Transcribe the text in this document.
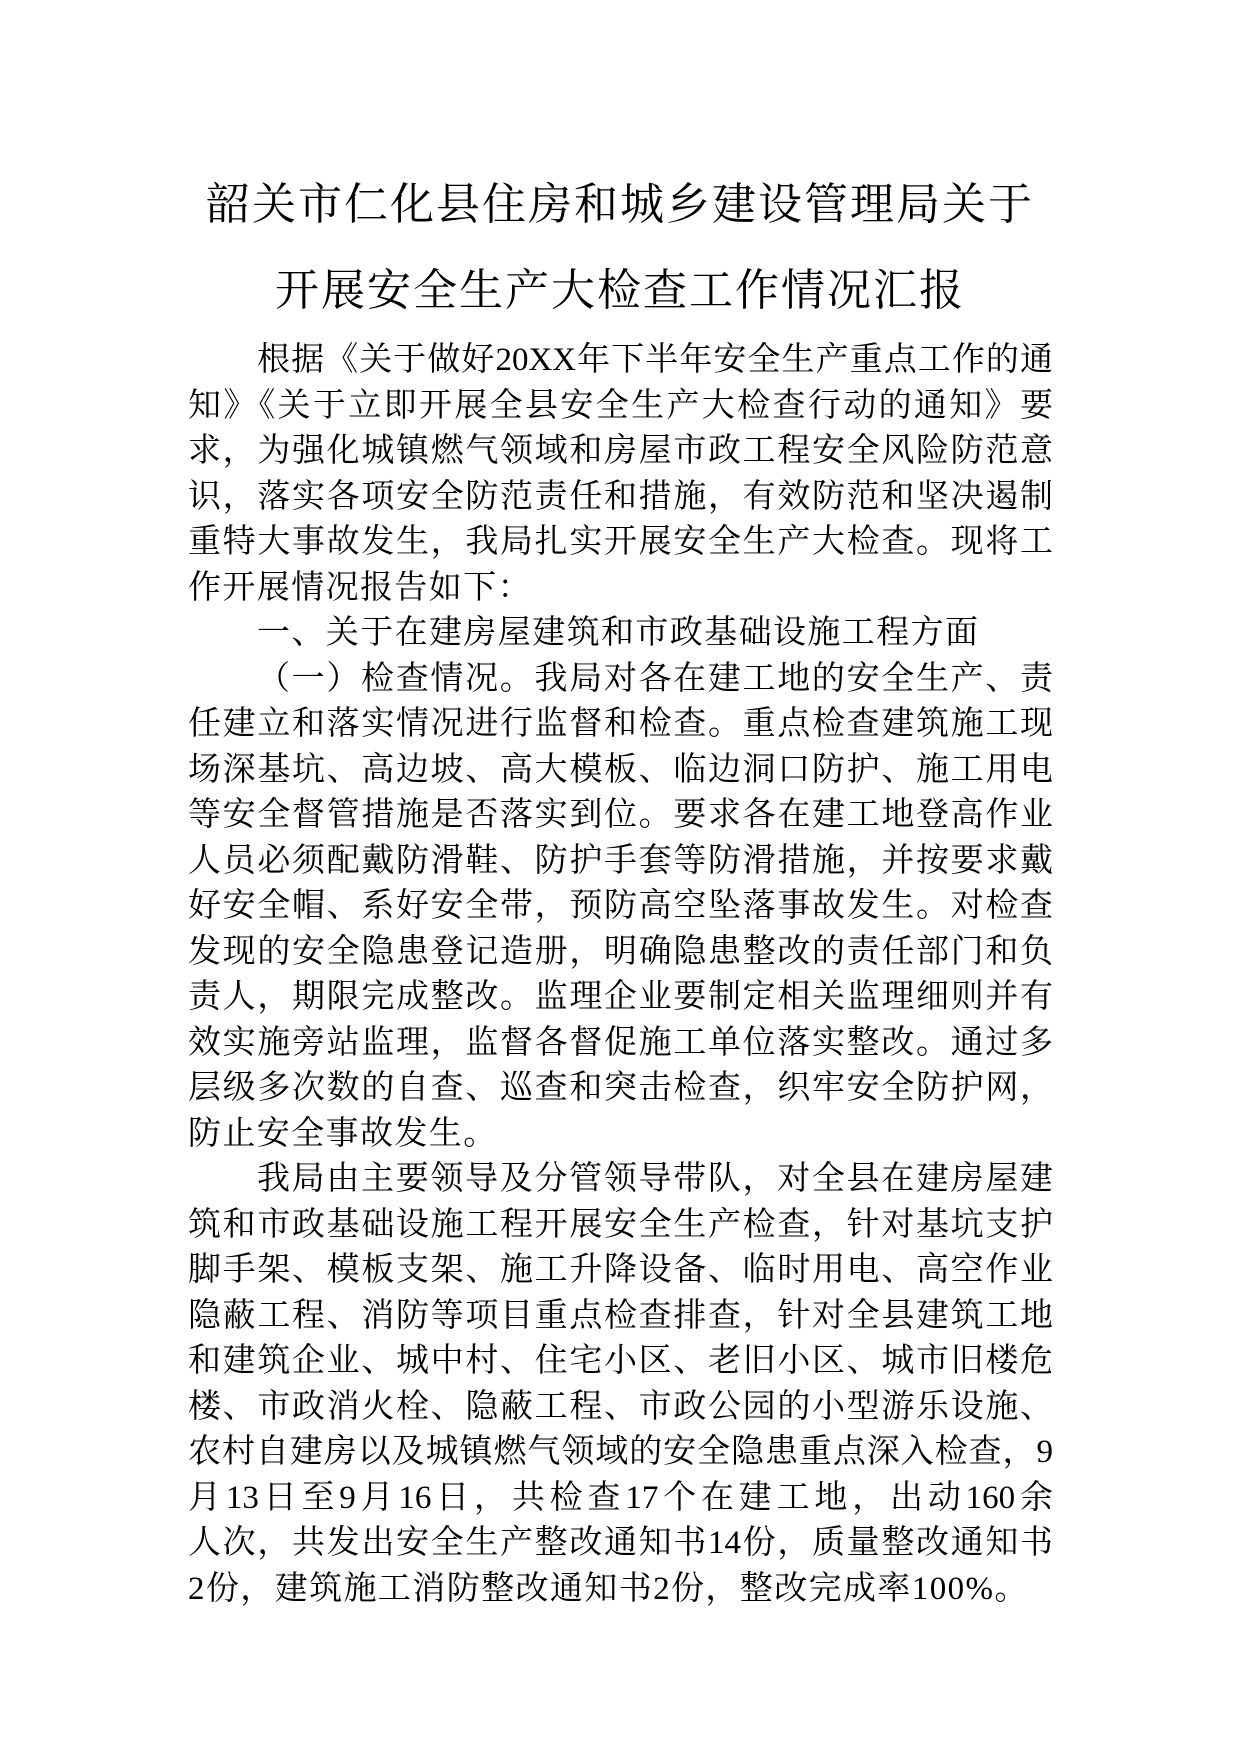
韶关市仁化县住房和城乡建设管理局关于
开展安全生产大检查工作情况汇报
根据《关于做好20XX年下半年安全生产重点工作的通
知》《关于立即开展全县安全生产大检查行动的通知》要
求，为强化城镇燃气领域和房屋市政工程安全风险防范意
识，落实各项安全防范责任和措施，有效防范和坚决遏制
重特大事故发生，我局扎实开展安全生产大检查。现将工
作开展情况报告如下：
一、关于在建房屋建筑和市政基础设施工程方面
（一）检查情况。我局对各在建工地的安全生产、责
任建立和落实情况进行监督和检查。重点检查建筑施工现
场深基坑、高边坡、高大模板、临边洞口防护、施工用电
等安全督管措施是否落实到位。要求各在建工地登高作业
人员必须配戴防滑鞋、防护手套等防滑措施，并按要求戴
好安全帽、系好安全带，预防高空坠落事故发生。对检查
发现的安全隐患登记造册，明确隐患整改的责任部门和负
责人，期限完成整改。监理企业要制定相关监理细则并有
效实施旁站监理，监督各督促施工单位落实整改。通过多
层级多次数的自查、巡查和突击检查，织牢安全防护网，
防止安全事故发生。
我局由主要领导及分管领导带队，对全县在建房屋建
筑和市政基础设施工程开展安全生产检查，针对基坑支护
脚手架、模板支架、施工升降设备、临时用电、高空作业
隐蔽工程、消防等项目重点检查排查，针对全县建筑工地
和建筑企业、城中村、住宅小区、老旧小区、城市旧楼危
楼、市政消火栓、隐蔽工程、市政公园的小型游乐设施、
农村自建房以及城镇燃气领域的安全隐患重点深入检查，9
月13日至9月16日，共检查17个在建工地，出动160余
人次，共发出安全生产整改通知书14份，质量整改通知书
2份，建筑施工消防整改通知书2份，整改完成率100%。
